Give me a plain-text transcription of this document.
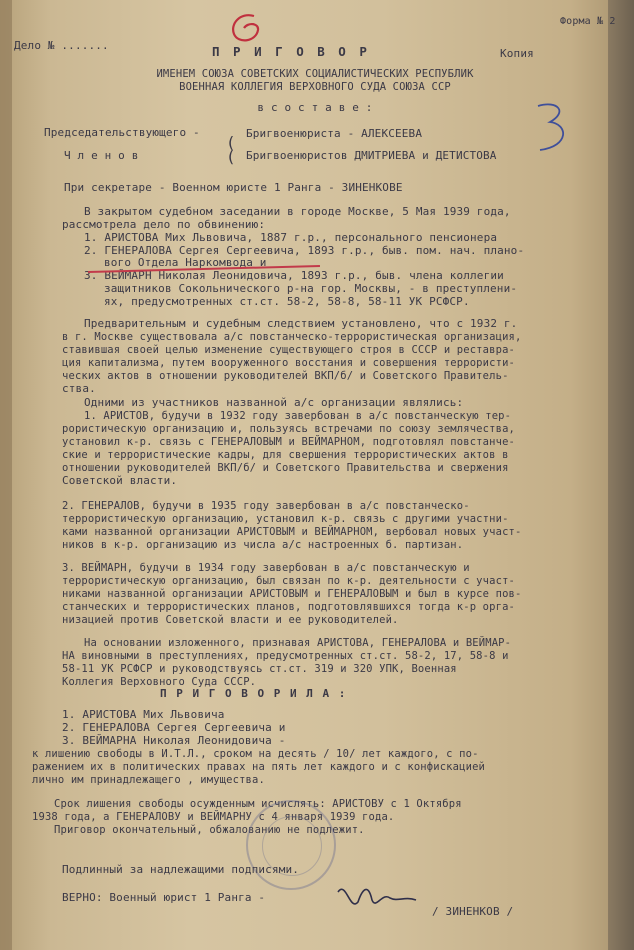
Форма № 2
Дело № .......	П Р И Г О В О Р	Копия
ИМЕНЕМ СОЮЗА СОВЕТСКИХ СОЦИАЛИСТИЧЕСКИХ РЕСПУБЛИК
ВОЕННАЯ КОЛЛЕГИЯ ВЕРХОВНОГО СУДА СОЮЗА ССР
в с о с т а в е :
Председательствующего -	Бригвоенюриста - АЛЕКСЕЕВА
Ч л е н о в
(
( Бригвоенюристов ДМИТРИЕВА и ДЕТИСТОВА
При секретаре - Военном юристе 1 Ранга - ЗИНЕНКОВЕ
В закрытом судебном заседании в городе Москве, 5 Мая 1939 года,
рассмотрела дело по обвинению:
1. АРИСТОВА Мих Львовича, 1887 г.р., персонального пенсионера
2. ГЕНЕРАЛОВА Сергея Сергеевича, 1893 г.р., быв. пом. нач. плано-
вого Отдела Наркомвода и
3. ВЕЙМАРН Николая Леонидовича, 1893 г.р., быв. члена коллегии
защитников Сокольнического р-на гор. Москвы, - в преступлени-
ях, предусмотренных ст.ст. 58-2, 58-8, 58-11 УК РСФСР.
Предварительным и судебным следствием установлено, что с 1932 г.
в г. Москве существовала а/с повстанческо-террористическая организация,
ставившая своей целью изменение существующего строя в СССР и реставра-
ция капитализма, путем вооруженного восстания и совершения террористи-
ческих актов в отношении руководителей ВКП/б/ и Советского Правитель-
ства.
Одними из участников названной а/с организации являлись:
1. АРИСТОВ, будучи в 1932 году завербован в а/с повстанческую тер-
рористическую организацию и, пользуясь встречами по союзу землячества,
установил к-р. связь с ГЕНЕРАЛОВЫМ и ВЕЙМАРНОМ, подготовлял повстанче-
ские и террористические кадры, для свершения террористических актов в
отношении руководителей ВКП/б/ и Советского Правительства и свержения
Советской власти.
2. ГЕНЕРАЛОВ, будучи в 1935 году завербован в а/с повстанческо-
террористическую организацию, установил к-р. связь с другими участни-
ками названной организации АРИСТОВЫМ и ВЕЙМАРНОМ, вербовал новых участ-
ников в к-р. организацию из числа а/с настроенных б. партизан.
3. ВЕЙМАРН, будучи в 1934 году завербован в а/с повстанческую и
террористическую организацию, был связан по к-р. деятельности с участ-
никами названной организации АРИСТОВЫМ и ГЕНЕРАЛОВЫМ и был в курсе пов-
станческих и террористических планов, подготовлявшихся тогда к-р орга-
низацией против Советской власти и ее руководителей.
На основании изложенного, признавая АРИСТОВА, ГЕНЕРАЛОВА и ВЕЙМАР-
НА виновными в преступлениях, предусмотренных ст.ст. 58-2, 17, 58-8 и
58-11 УК РСФСР и руководствуясь ст.ст. 319 и 320 УПК, Военная
Коллегия Верховного Суда СССР.
П Р И Г О В О Р И Л А :
1. АРИСТОВА Мих Львовича
2. ГЕНЕРАЛОВА Сергея Сергеевича и
3. ВЕЙМАРНА Николая Леонидовича -
к лишению свободы в И.Т.Л., сроком на десять / 10/ лет каждого, с по-
ражением их в политических правах на пять лет каждого и с конфискацией
лично им принадлежащего , имущества.
Срок лишения свободы осужденным исчислять: АРИСТОВУ с 1 Октября
1938 года, а ГЕНЕРАЛОВУ и ВЕЙМАРНУ с 4 января 1939 года.
Приговор окончательный, обжалованию не подлежит.
Подлинный за надлежащими подписями.
ВЕРНО: Военный юрист 1 Ранга -
/ ЗИНЕНКОВ /
